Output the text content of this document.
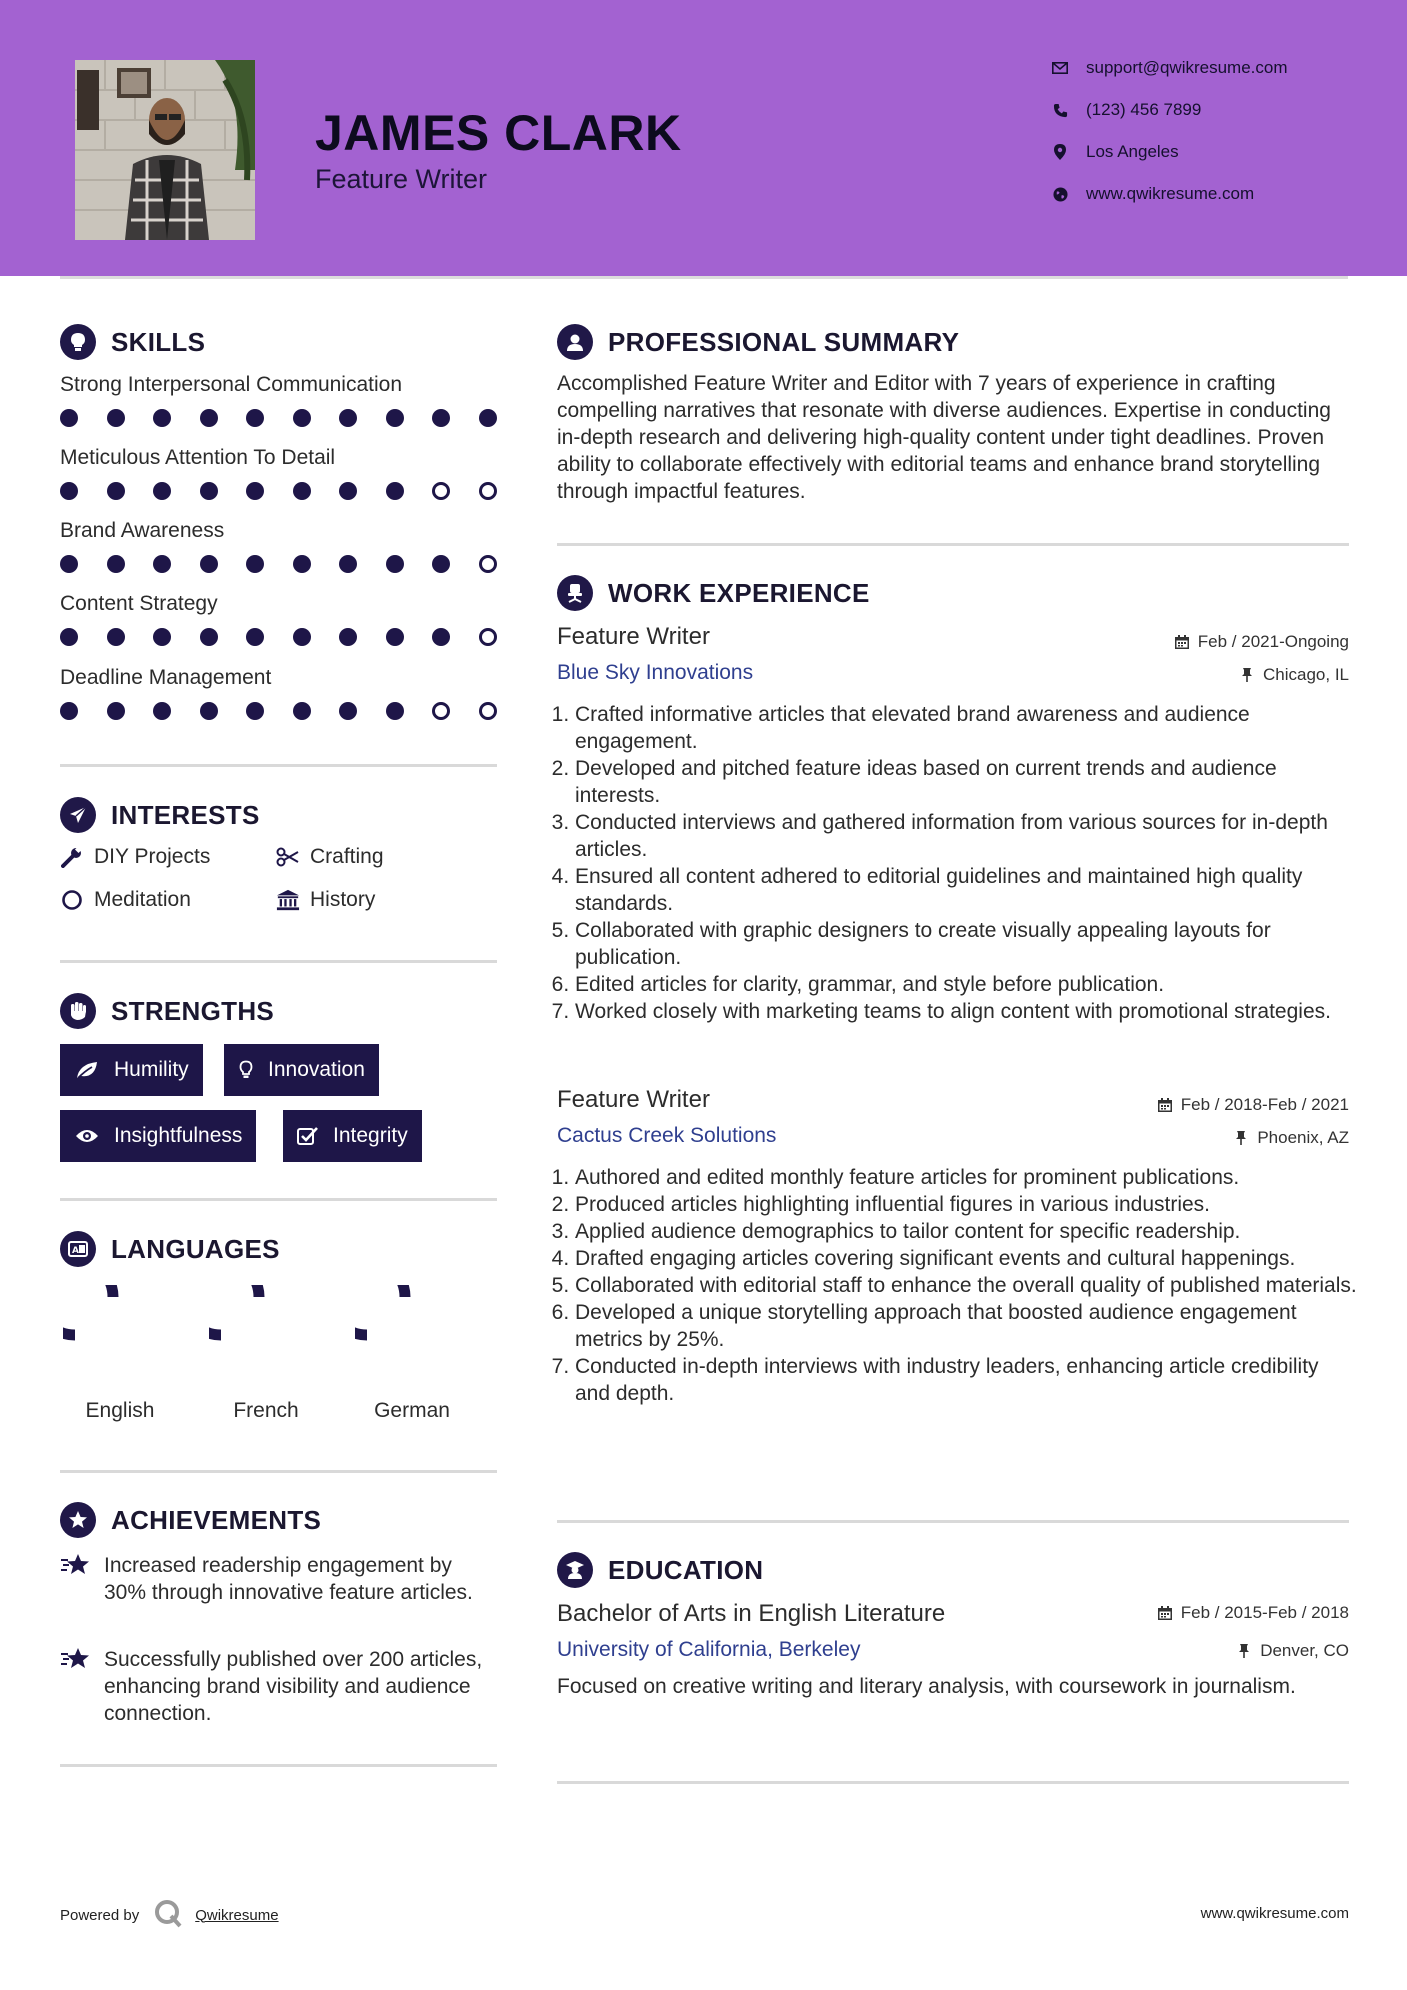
JAMES CLARK
Feature Writer
support@qwikresume.com
(123) 456 7899
Los Angeles
www.qwikresume.com
SKILLS
Strong Interpersonal Communication
Meticulous Attention To Detail
Brand Awareness
Content Strategy
Deadline Management
INTERESTS
DIY Projects	Crafting
Meditation	History
STRENGTHS
Humility	Innovation
Insightfulness	Integrity
A LANGUAGES
English	French	German
ACHIEVEMENTS
Increased readership engagement by 30% through innovative feature articles.
Successfully published over 200 articles, enhancing brand visibility and audience connection.
PROFESSIONAL SUMMARY
Accomplished Feature Writer and Editor with 7 years of experience in crafting compelling narratives that resonate with diverse audiences. Expertise in conducting in-depth research and delivering high-quality content under tight deadlines. Proven ability to collaborate effectively with editorial teams and enhance brand storytelling through impactful features.
WORK EXPERIENCE
Feature Writer	Feb / 2021-Ongoing
Blue Sky Innovations	Chicago, IL
1. Crafted informative articles that elevated brand awareness and audience engagement.
2. Developed and pitched feature ideas based on current trends and audience interests.
3. Conducted interviews and gathered information from various sources for in-depth articles.
4. Ensured all content adhered to editorial guidelines and maintained high quality standards.
5. Collaborated with graphic designers to create visually appealing layouts for publication.
6. Edited articles for clarity, grammar, and style before publication.
7. Worked closely with marketing teams to align content with promotional strategies.
Feature Writer	Feb / 2018-Feb / 2021
Cactus Creek Solutions	Phoenix, AZ
1. Authored and edited monthly feature articles for prominent publications.
2. Produced articles highlighting influential figures in various industries.
3. Applied audience demographics to tailor content for specific readership.
4. Drafted engaging articles covering significant events and cultural happenings.
5. Collaborated with editorial staff to enhance the overall quality of published materials.
6. Developed a unique storytelling approach that boosted audience engagement metrics by 25%.
7. Conducted in-depth interviews with industry leaders, enhancing article credibility and depth.
EDUCATION
Bachelor of Arts in English Literature	Feb / 2015-Feb / 2018
University of California, Berkeley	Denver, CO
Focused on creative writing and literary analysis, with coursework in journalism.
Powered by	Qwikresume	www.qwikresume.com
